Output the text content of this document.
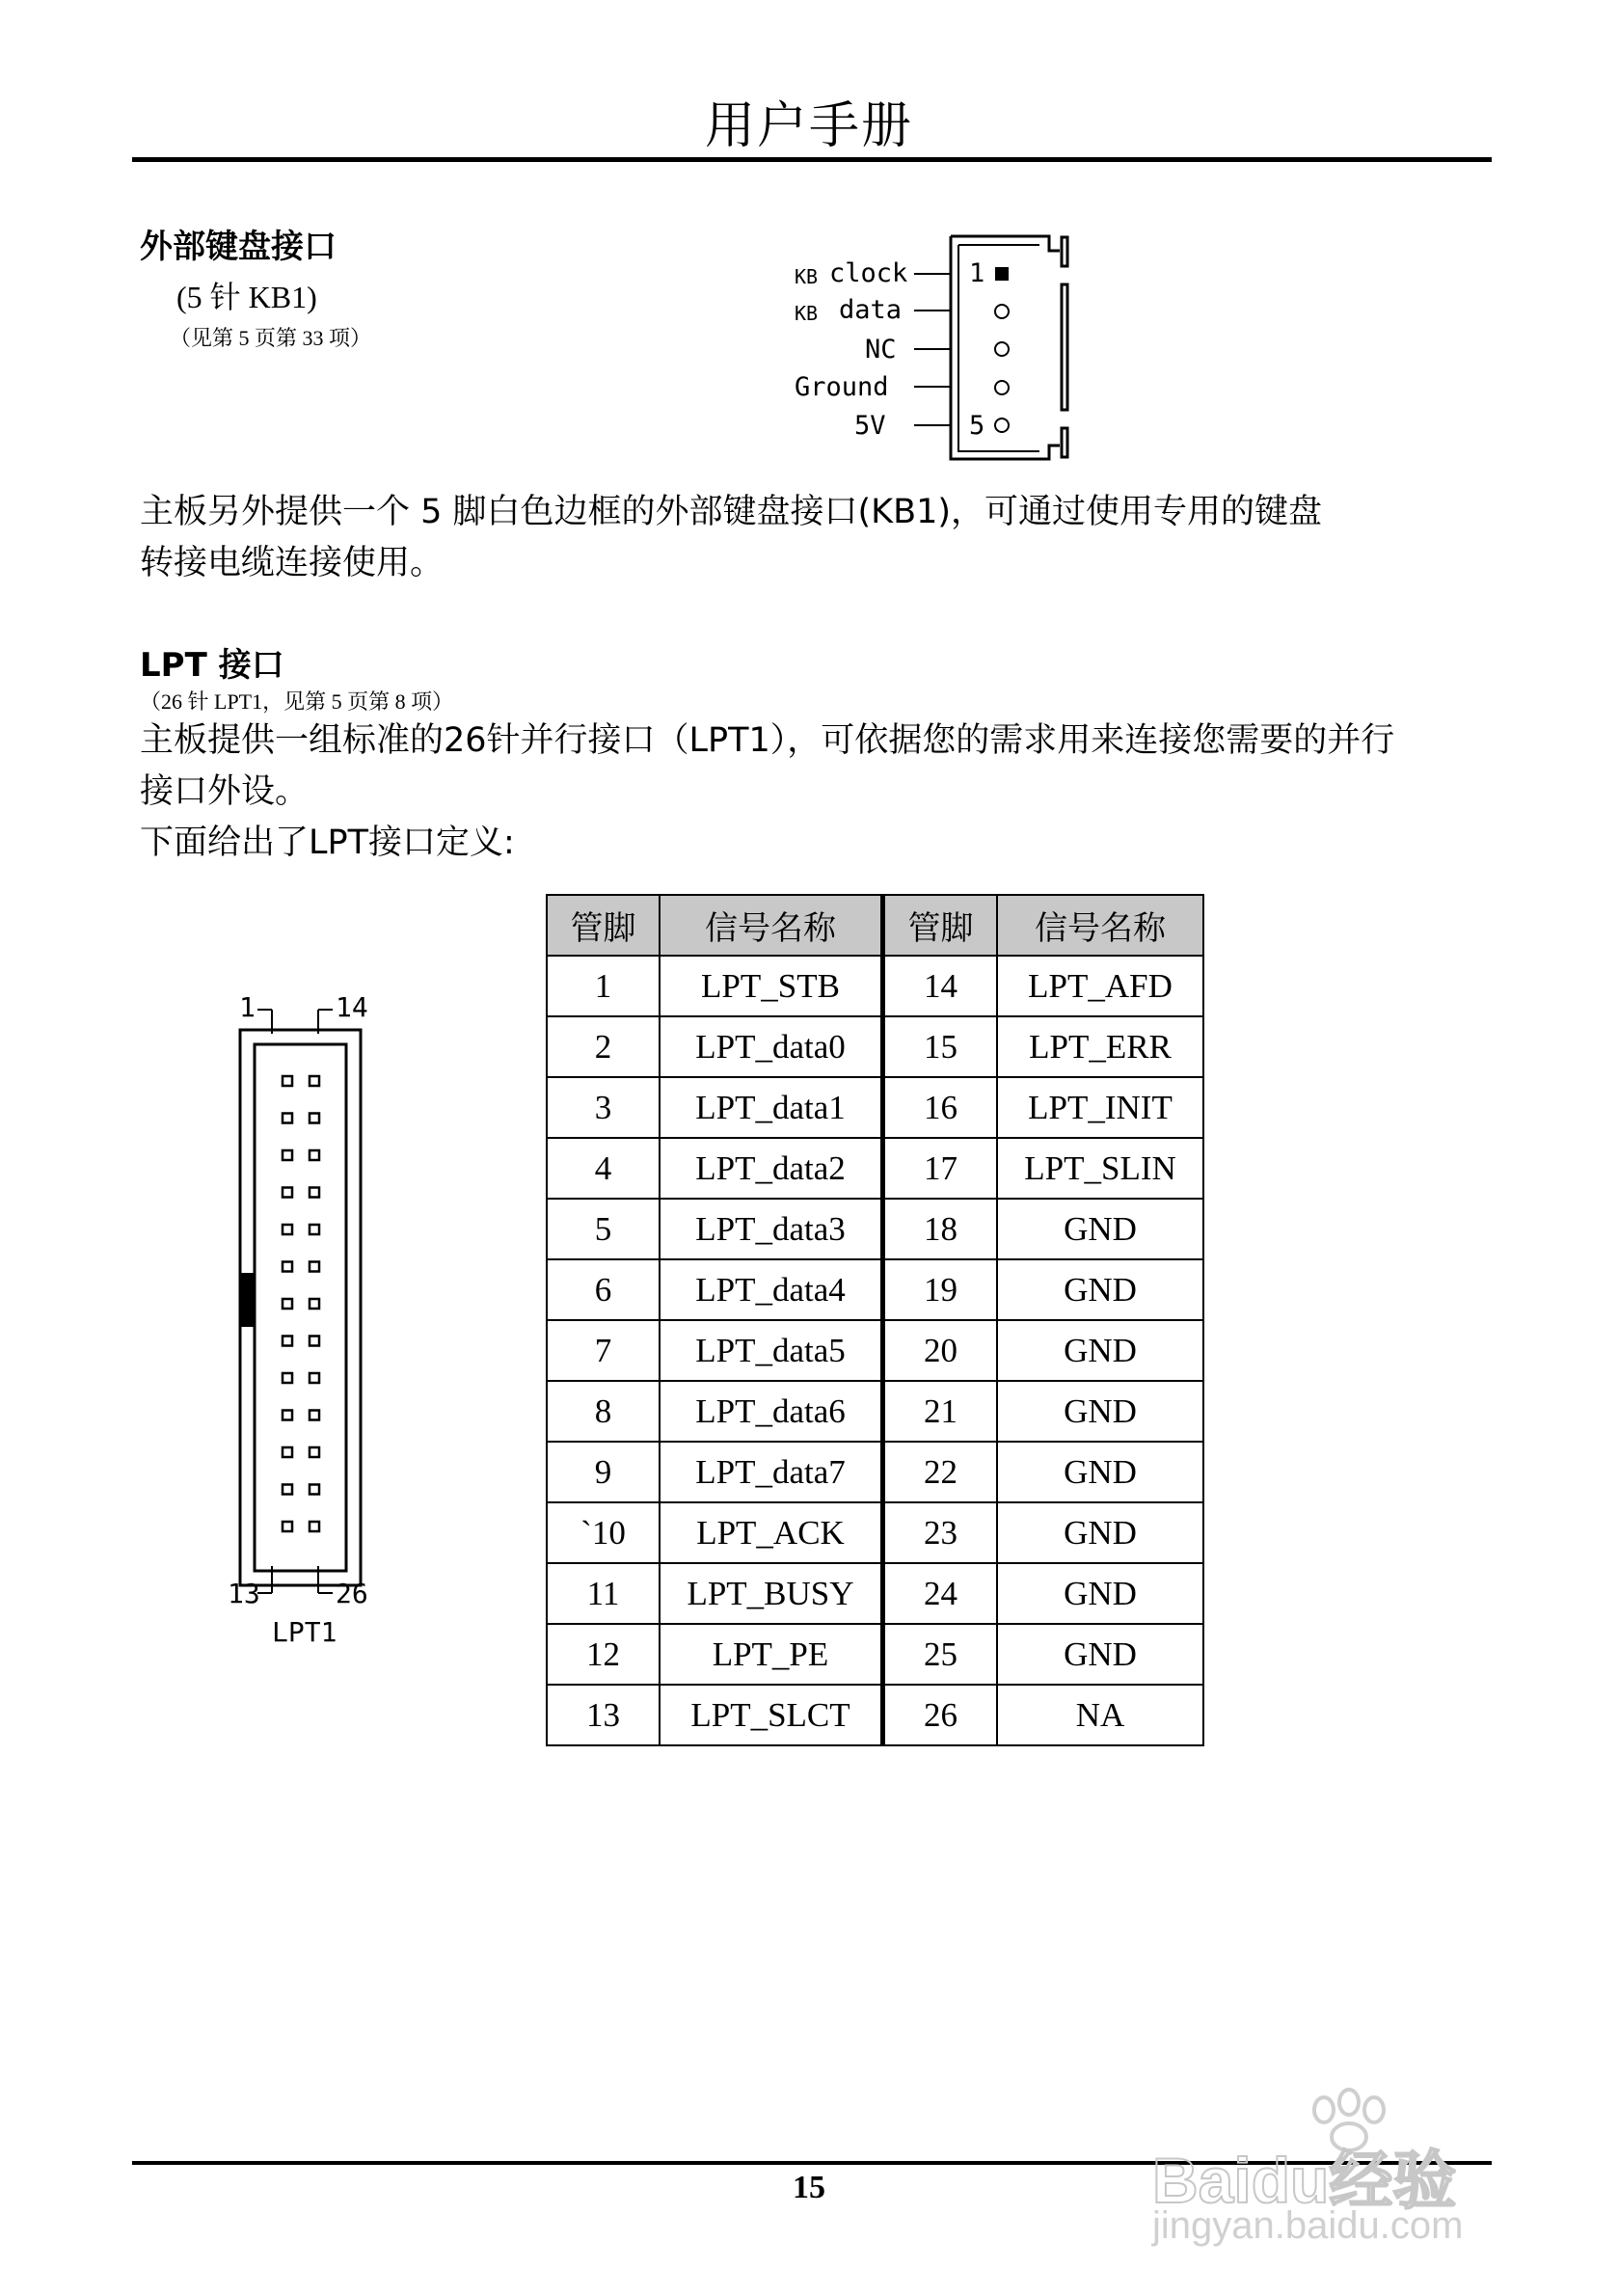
用户手册
外部键盘接口
(5 针 KB1)
（见第 5 页第 33 项）
KB clock
KB data
NC
Ground
5V
1
5
主板另外提供一个 5 脚白色边框的外部键盘接口(KB1)，可通过使用专用的键盘
转接电缆连接使用。
LPT 接口
（26 针 LPT1，见第 5 页第 8 项）
主板提供一组标准的26针并行接口（LPT1），可依据您的需求用来连接您需要的并行
接口外设。
下面给出了LPT接口定义:
1	14
13	26
LPT1
管脚	信号名称	管脚	信号名称
1	LPT_STB	14	LPT_AFD
2	LPT_data0	15	LPT_ERR
3	LPT_data1	16	LPT_INIT
4	LPT_data2	17	LPT_SLIN
5	LPT_data3	18	GND
6	LPT_data4	19	GND
7	LPT_data5	20	GND
8	LPT_data6	21	GND
9	LPT_data7	22	GND
`10	LPT_ACK	23	GND
11	LPT_BUSY	24	GND
12	LPT_PE	25	GND
13	LPT_SLCT	26	NA
15	Baidu经验
jingyan.baidu.com
